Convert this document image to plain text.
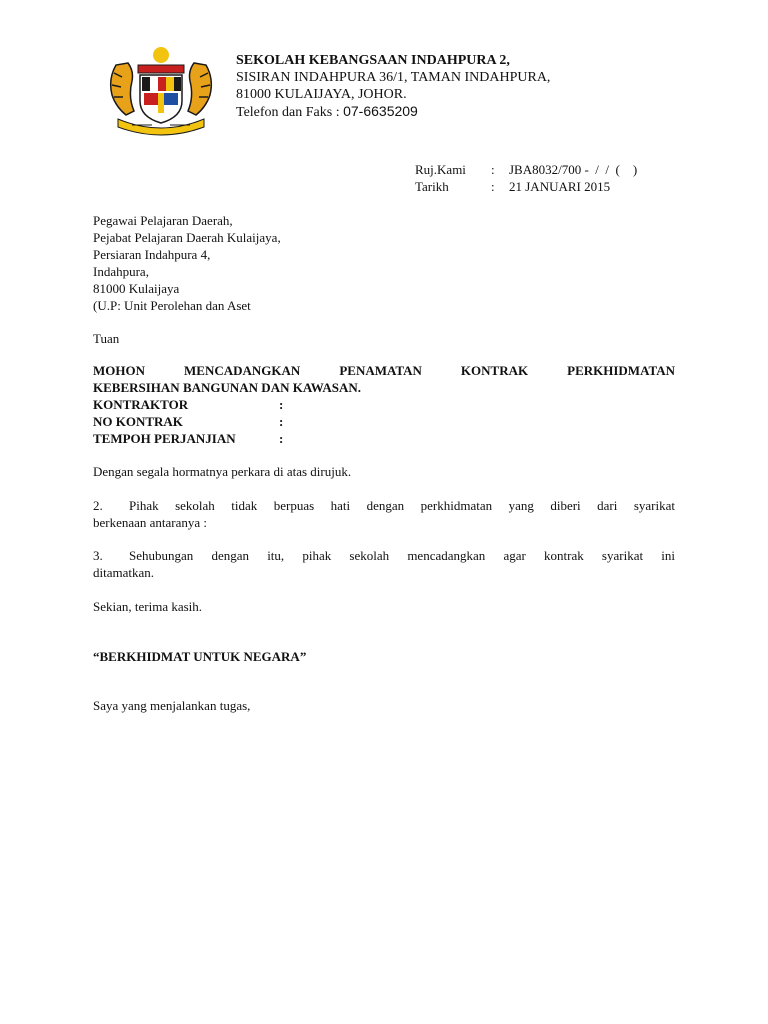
SEKOLAH KEBANGSAAN INDAHPURA 2,
SISIRAN INDAHPURA 36/1, TAMAN INDAHPURA,
81000 KULAIJAYA, JOHOR.
Telefon dan Faks : 07-6635209
Ruj.Kami	:	JBA8032/700 -  /  /  (    )
Tarikh	:	21 JANUARI 2015
Pegawai Pelajaran Daerah,
Pejabat Pelajaran Daerah Kulaijaya,
Persiaran Indahpura 4,
Indahpura,
81000 Kulaijaya
(U.P: Unit Perolehan dan Aset
Tuan
MOHON MENCADANGKAN PENAMATAN KONTRAK PERKHIDMATAN
KEBERSIHAN BANGUNAN DAN KAWASAN.
KONTRAKTOR	:
NO KONTRAK	:
TEMPOH PERJANJIAN	:
Dengan segala hormatnya perkara di atas dirujuk.
2. Pihak sekolah tidak berpuas hati dengan perkhidmatan yang diberi dari syarikat
berkenaan antaranya :
3. Sehubungan dengan itu, pihak sekolah mencadangkan agar kontrak syarikat ini
ditamatkan.
Sekian, terima kasih.
“BERKHIDMAT UNTUK NEGARA”
Saya yang menjalankan tugas,
